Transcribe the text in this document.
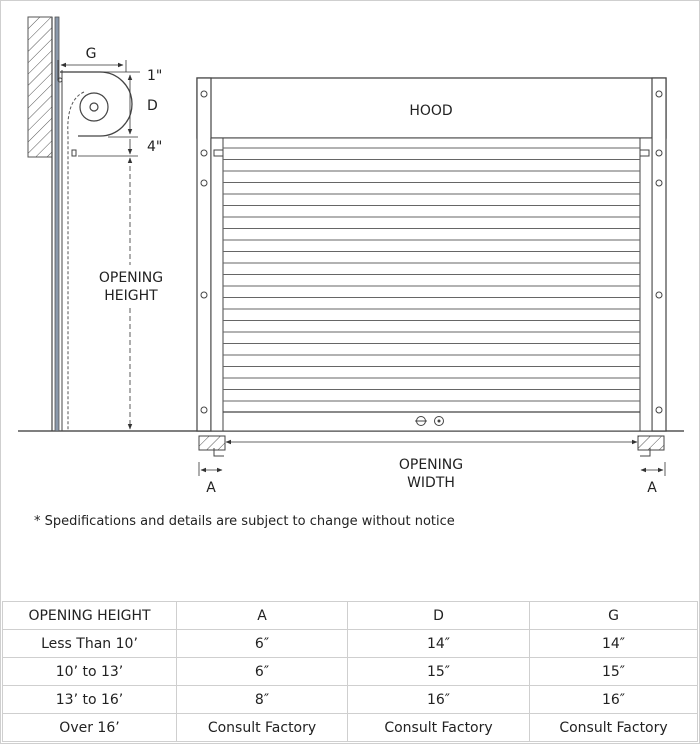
G
1"
D
4"
OPENING
HEIGHT
HOOD
OPENING
WIDTH
A	A
* Spedifications and details are subject to change without notice
OPENING HEIGHT	A	D	G
Less Than 10’	6″	14″	14″
10’ to 13’	6″	15″	15″
13’ to 16’	8″	16″	16″
Over 16’	Consult Factory	Consult Factory	Consult Factory
